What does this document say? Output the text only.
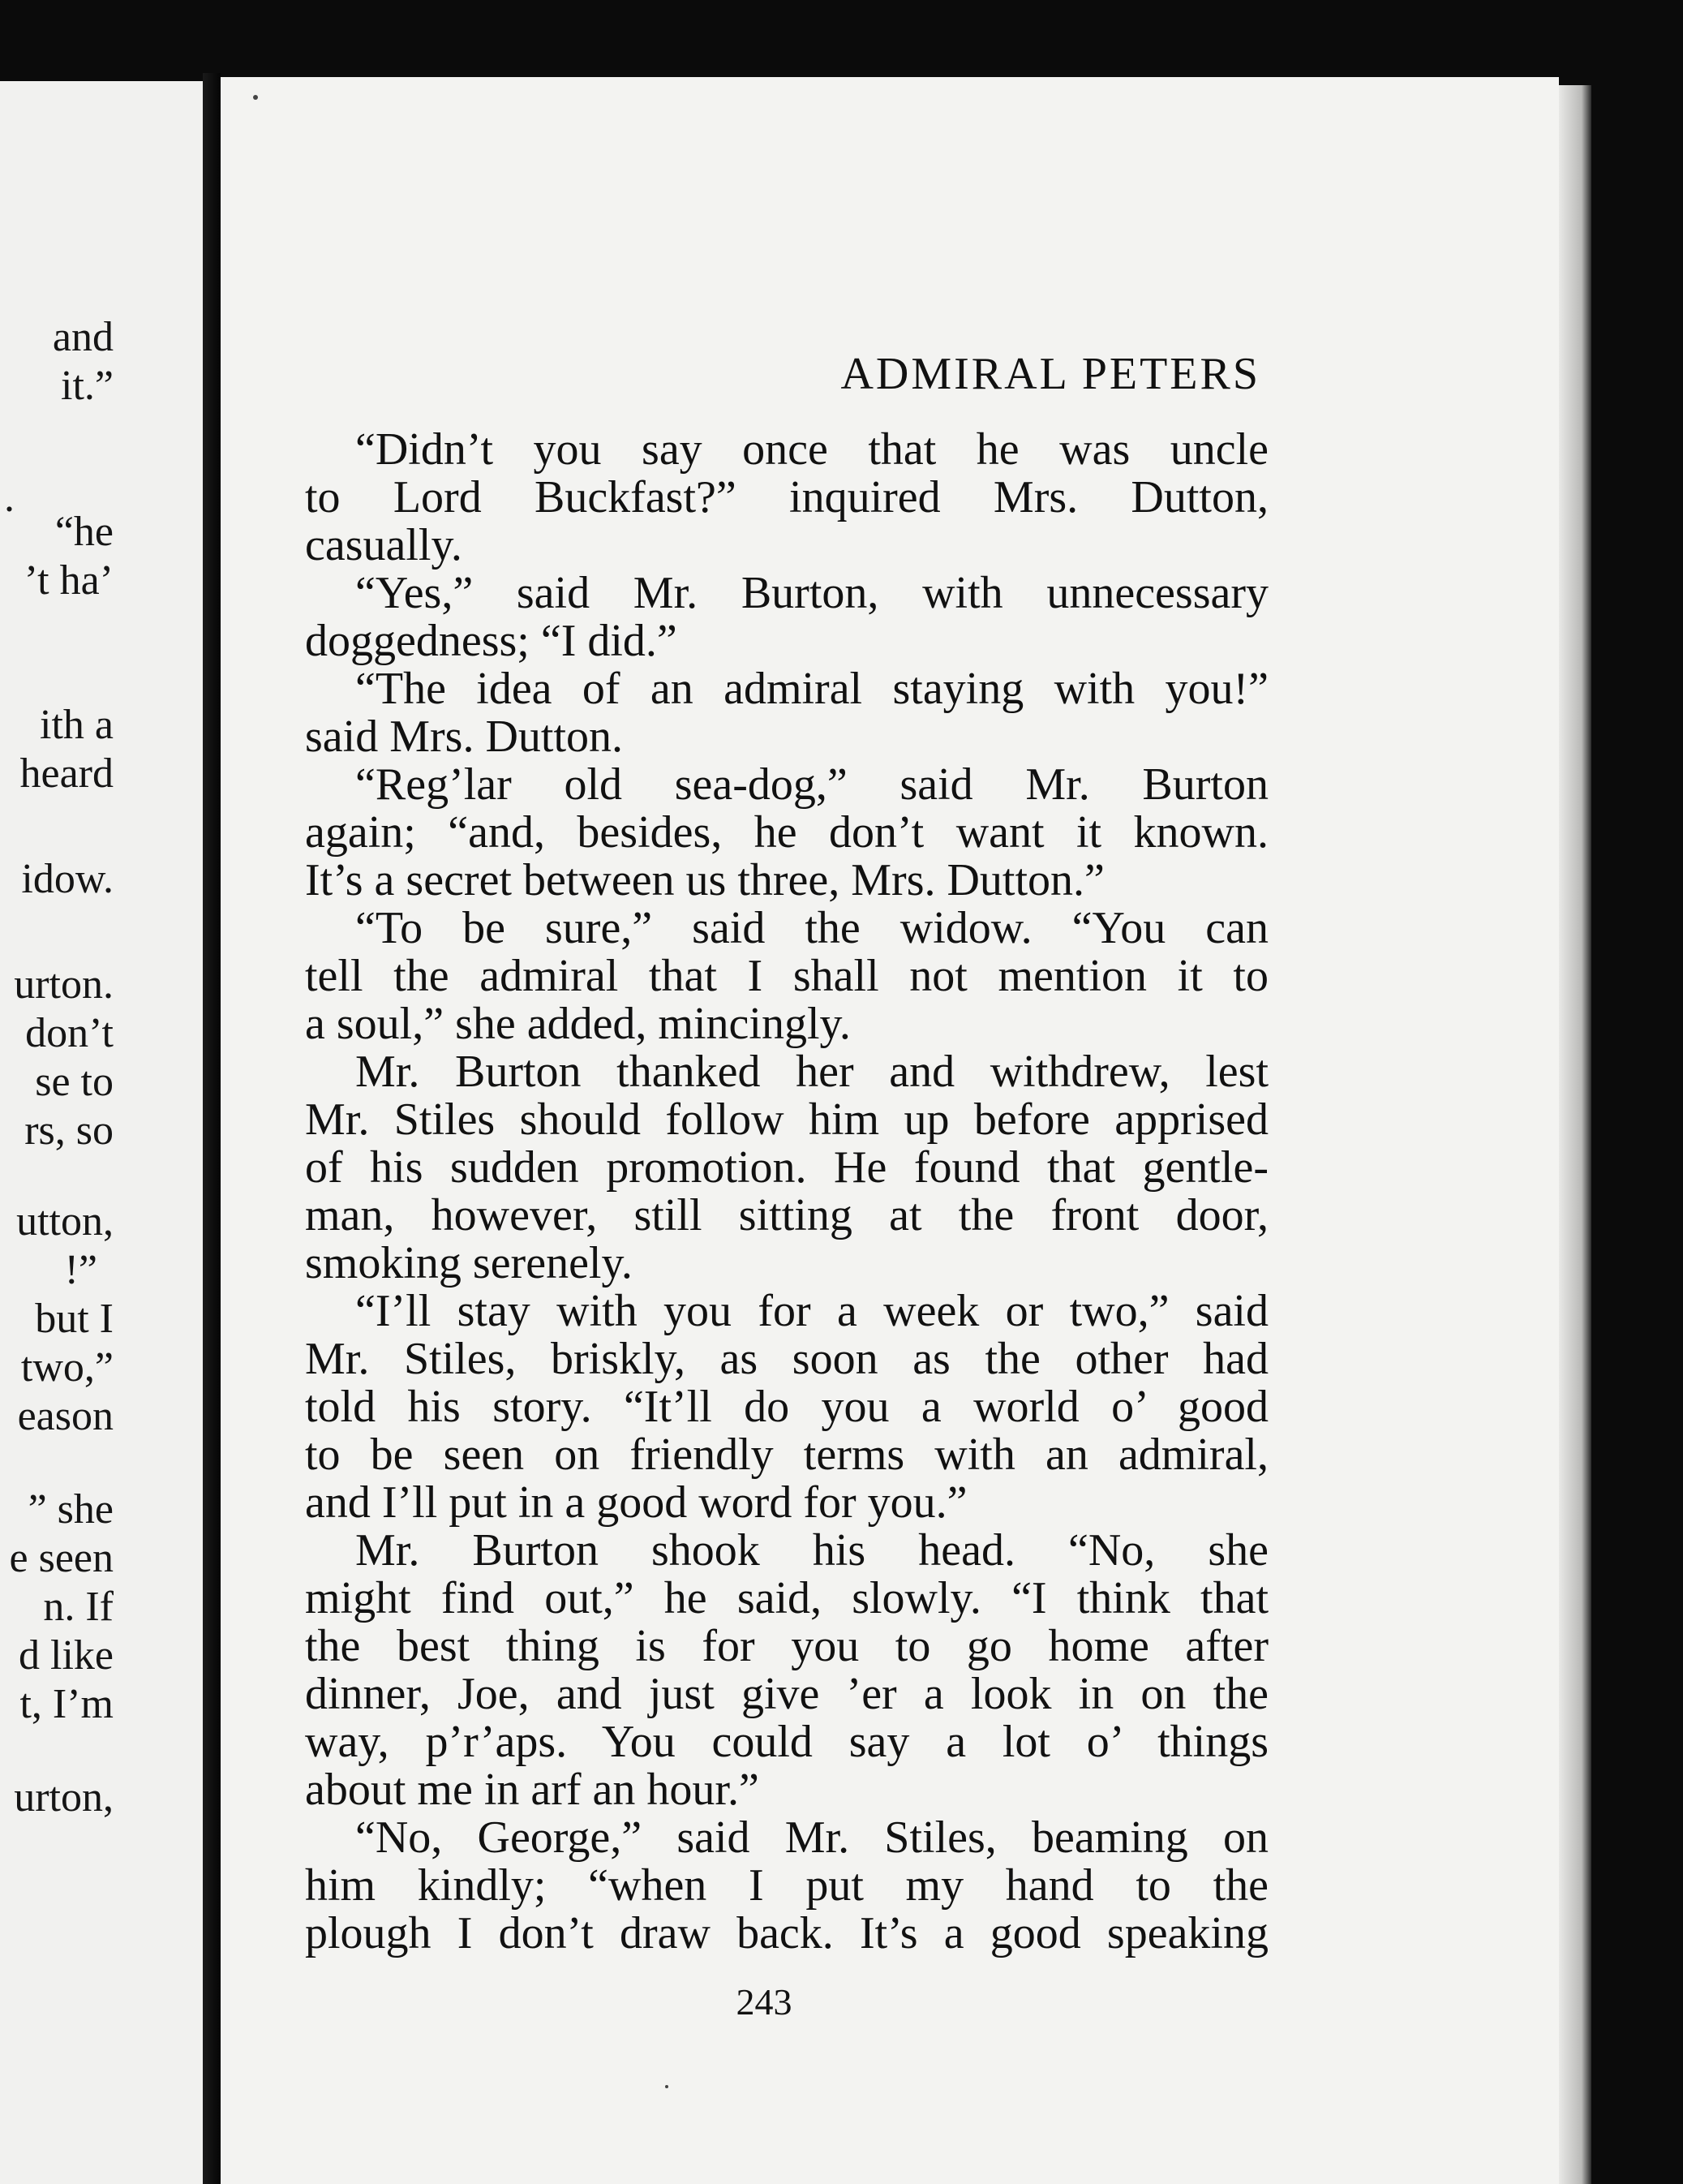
and
it.”
.
“he
’t ha’
ith a
heard
idow.
urton.
don’t
se to
rs, so
utton,
!”
but I
two,”
eason
” she
e seen
n. If
d like
t, I’m
urton,
ADMIRAL PETERS
“Didn’t you say once that he was uncle
to Lord Buckfast?” inquired Mrs. Dutton,
casually.
“Yes,” said Mr. Burton, with unnecessary
doggedness; “I did.”
“The idea of an admiral staying with you!”
said Mrs. Dutton.
“Reg’lar old sea-dog,” said Mr. Burton
again; “and, besides, he don’t want it known.
It’s a secret between us three, Mrs. Dutton.”
“To be sure,” said the widow. “You can
tell the admiral that I shall not mention it to
a soul,” she added, mincingly.
Mr. Burton thanked her and withdrew, lest
Mr. Stiles should follow him up before apprised
of his sudden promotion. He found that gentle-
man, however, still sitting at the front door,
smoking serenely.
“I’ll stay with you for a week or two,” said
Mr. Stiles, briskly, as soon as the other had
told his story. “It’ll do you a world o’ good
to be seen on friendly terms with an admiral,
and I’ll put in a good word for you.”
Mr. Burton shook his head. “No, she
might find out,” he said, slowly. “I think that
the best thing is for you to go home after
dinner, Joe, and just give ’er a look in on the
way, p’r’aps. You could say a lot o’ things
about me in arf an hour.”
“No, George,” said Mr. Stiles, beaming on
him kindly; “when I put my hand to the
plough I don’t draw back. It’s a good speaking
243
